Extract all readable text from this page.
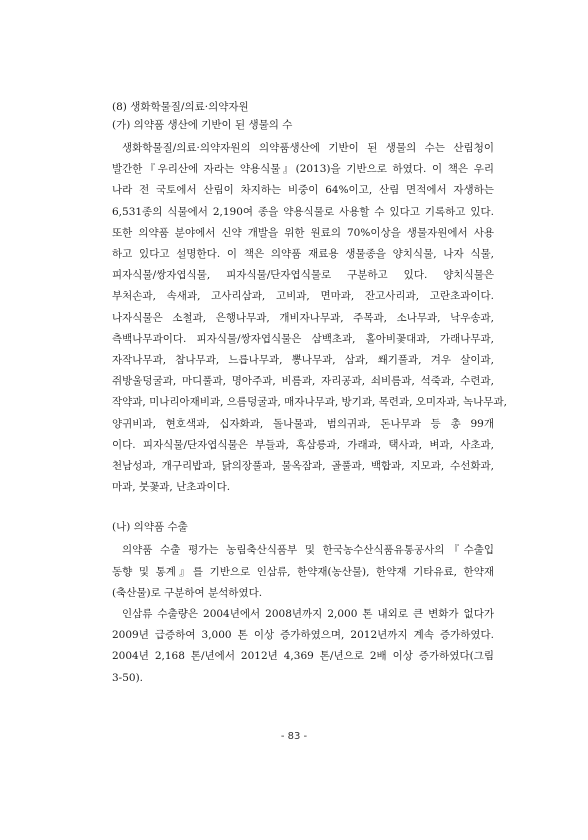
(8) 생화학물질/의료·의약자원
(가) 의약품 생산에 기반이 된 생물의 수
생화학물질/의료·의약자원의 의약품생산에 기반이 된 생물의 수는 산림청이
발간한『우리산에 자라는 약용식물』(2013)을 기반으로 하였다. 이 책은 우리
나라 전 국토에서 산림이 차지하는 비중이 64%이고, 산림 면적에서 자생하는
6,531종의 식물에서 2,190여 종을 약용식물로 사용할 수 있다고 기록하고 있다.
또한 의약품 분야에서 신약 개발을 위한 원료의 70%이상을 생물자원에서 사용
하고 있다고 설명한다. 이 책은 의약품 재료용 생물종을 양치식물, 나자 식물,
피자식물/쌍자엽식물, 피자식물/단자엽식물로 구분하고 있다. 양치식물은
부처손과, 속새과, 고사리삼과, 고비과, 면마과, 잔고사리과, 고란초과이다.
나자식물은 소철과, 은행나무과, 개비자나무과, 주목과, 소나무과, 낙우송과,
측백나무과이다. 피자식물/쌍자엽식물은 삼백초과, 홀아비꽃대과, 가래나무과,
자작나무과, 참나무과, 느릅나무과, 뽕나무과, 삼과, 쐐기풀과, 겨우 살이과,
쥐방울덩굴과, 마디풀과, 명아주과, 비름과, 자리공과, 쇠비름과, 석죽과, 수련과,
작약과, 미나리아재비과, 으름덩굴과, 매자나무과, 방기과, 목련과, 오미자과, 녹나무과,
양귀비과, 현호색과, 십자화과, 돌나물과, 범의귀과, 돈나무과 등 총 99개
이다. 피자식물/단자엽식물은 부들과, 흑삼릉과, 가래과, 택사과, 벼과, 사초과,
천남성과, 개구리밥과, 닭의장풀과, 물옥잠과, 골풀과, 백합과, 지모과, 수선화과,
마과, 붓꽃과, 난초과이다.
(나) 의약품 수출
의약품 수출 평가는 농림축산식품부 및 한국농수산식품유통공사의『수출입
동향 및 통계』를 기반으로 인삼류, 한약재(농산물), 한약재 기타유료, 한약재
(축산물)로 구분하여 분석하였다.
인삼류 수출량은 2004년에서 2008년까지 2,000 톤 내외로 큰 변화가 없다가
2009년 급증하여 3,000 톤 이상 증가하였으며, 2012년까지 계속 증가하였다.
2004년 2,168 톤/년에서 2012년 4,369 톤/년으로 2배 이상 증가하였다(그림
3-50).
- 83 -
